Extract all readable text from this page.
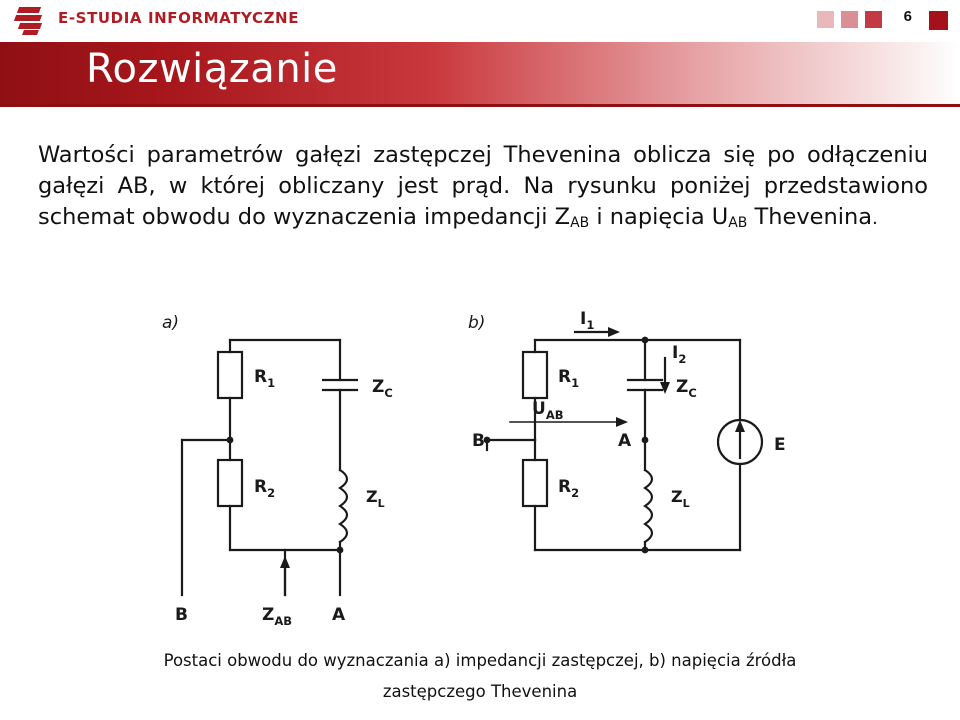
E-STUDIA INFORMATYCZNE	6
Rozwiązanie
Wartości parametrów gałęzi zastępczej Thevenina oblicza się po odłączeniu gałęzi AB, w której obliczany jest prąd. Na rysunku poniżej przedstawiono schemat obwodu do wyznaczenia impedancji $Z_{AB}$ i napięcia $U_{AB}$ Thevenina.
a)
$R_1$
$R_2$
$Z_C$
$Z_L$
B	A
$Z_{AB}$
b)
$R_1$
$R_2$
$Z_C$
$Z_L$
B	A
$U_{AB}$
$I_1$
$I_2$
E
Postaci obwodu do wyznaczania a) impedancji zastępczej, b) napięcia źródła
zastępczego Thevenina
